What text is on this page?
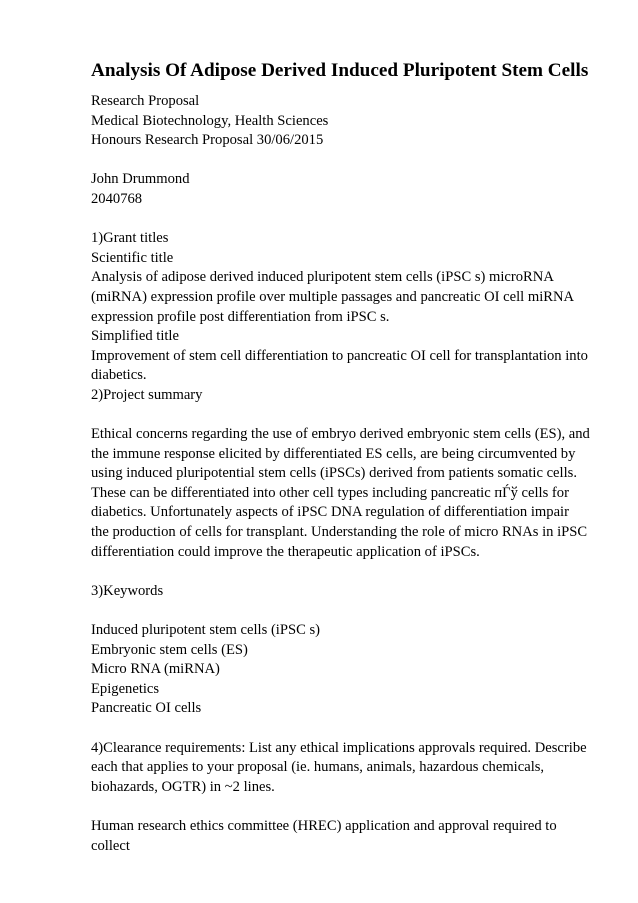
Analysis Of Adipose Derived Induced Pluripotent Stem Cells
Research Proposal
Medical Biotechnology, Health Sciences
Honours Research Proposal 30/06/2015
John Drummond
2040768
1)Grant titles
Scientific title
Analysis of adipose derived induced pluripotent stem cells (iPSC s) microRNA
(miRNA) expression profile over multiple passages and pancreatic OI cell miRNA
expression profile post differentiation from iPSC s.
Simplified title
Improvement of stem cell differentiation to pancreatic OI cell for transplantation into
diabetics.
2)Project summary
Ethical concerns regarding the use of embryo derived embryonic stem cells (ES), and
the immune response elicited by differentiated ES cells, are being circumvented by
using induced pluripotential stem cells (iPSCs) derived from patients somatic cells.
These can be differentiated into other cell types including pancreatic пЃў cells for
diabetics. Unfortunately aspects of iPSC DNA regulation of differentiation impair
the production of cells for transplant. Understanding the role of micro RNAs in iPSC
differentiation could improve the therapeutic application of iPSCs.
3)Keywords
Induced pluripotent stem cells (iPSC s)
Embryonic stem cells (ES)
Micro RNA (miRNA)
Epigenetics
Pancreatic OI cells
4)Clearance requirements: List any ethical implications approvals required. Describe
each that applies to your proposal (ie. humans, animals, hazardous chemicals,
biohazards, OGTR) in ~2 lines.
Human research ethics committee (HREC) application and approval required to
collect
